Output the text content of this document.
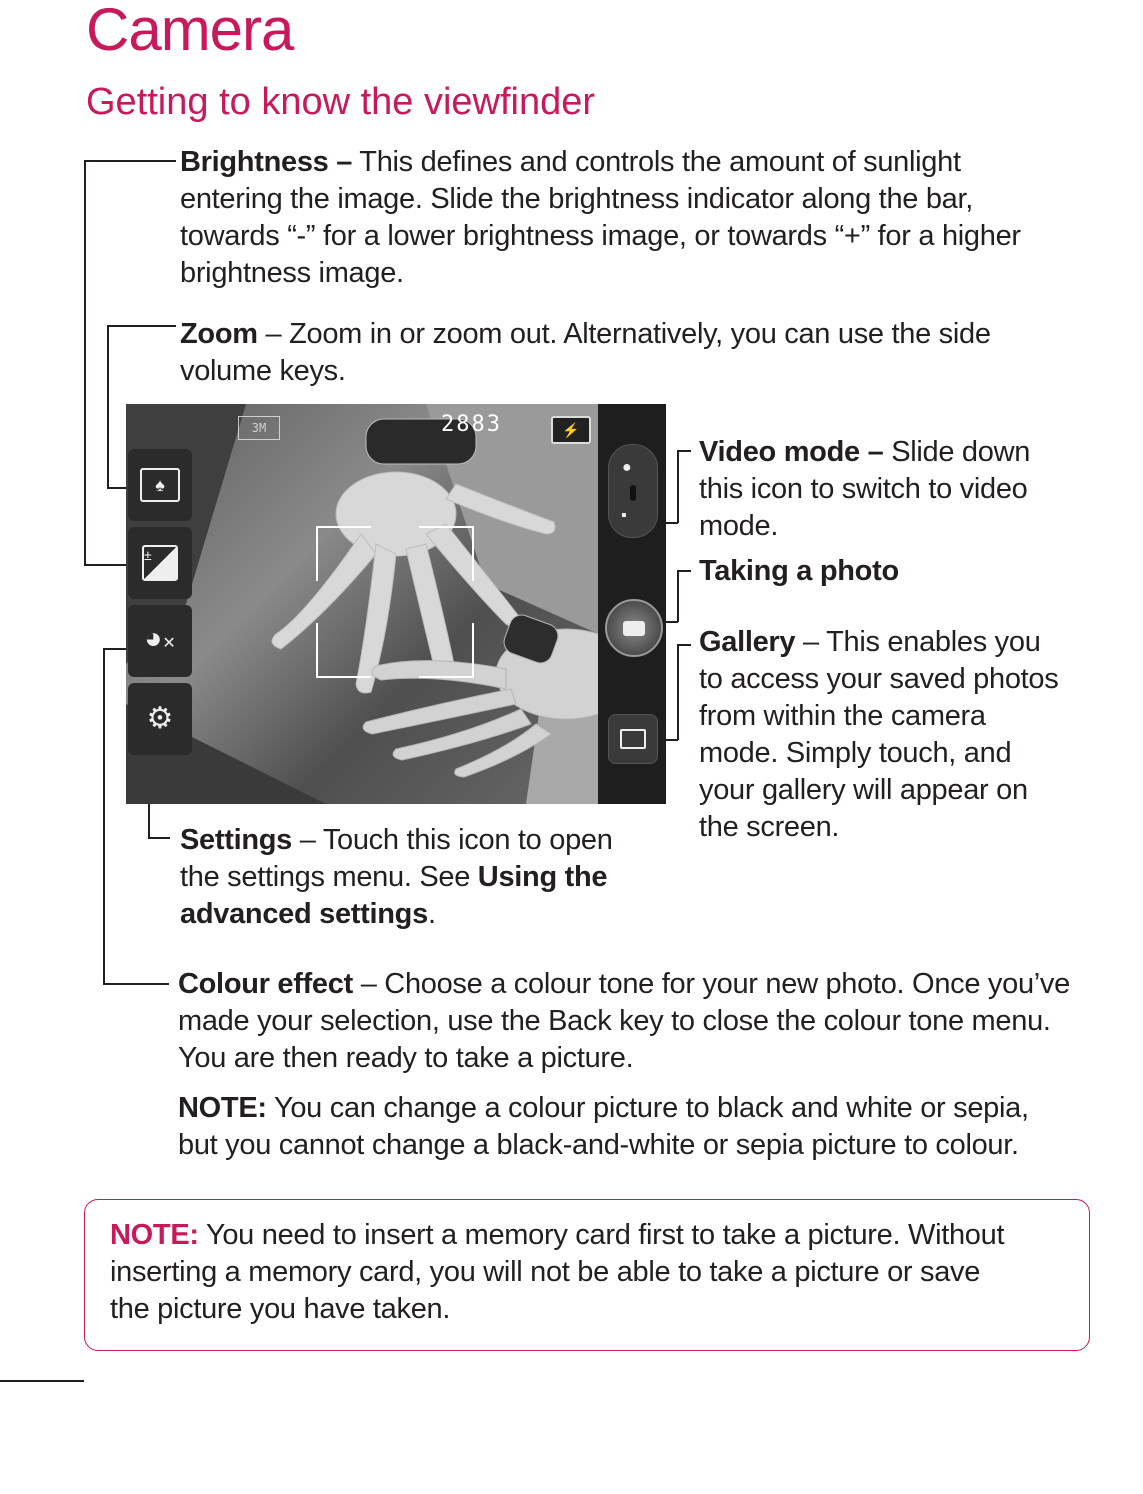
Camera
Getting to know the viewfinder
Brightness – This defines and controls the amount of sunlight
entering the image. Slide the brightness indicator along the bar,
towards “-” for a lower brightness image, or towards “+” for a higher
brightness image.
Zoom – Zoom in or zoom out. Alternatively, you can use the side
volume keys.
3M	2883	⚡
♠
±
◕✕
⚙
●
▪
Video mode – Slide down
this icon to switch to video
mode.
Taking a photo
Gallery – This enables you
to access your saved photos
from within the camera
mode. Simply touch, and
your gallery will appear on
the screen.
Settings – Touch this icon to open
the settings menu. See Using the
advanced settings.
Colour effect – Choose a colour tone for your new photo. Once you’ve
made your selection, use the Back key to close the colour tone menu.
You are then ready to take a picture.
NOTE: You can change a colour picture to black and white or sepia,
but you cannot change a black-and-white or sepia picture to colour.
NOTE: You need to insert a memory card first to take a picture. Without
inserting a memory card, you will not be able to take a picture or save
the picture you have taken.
